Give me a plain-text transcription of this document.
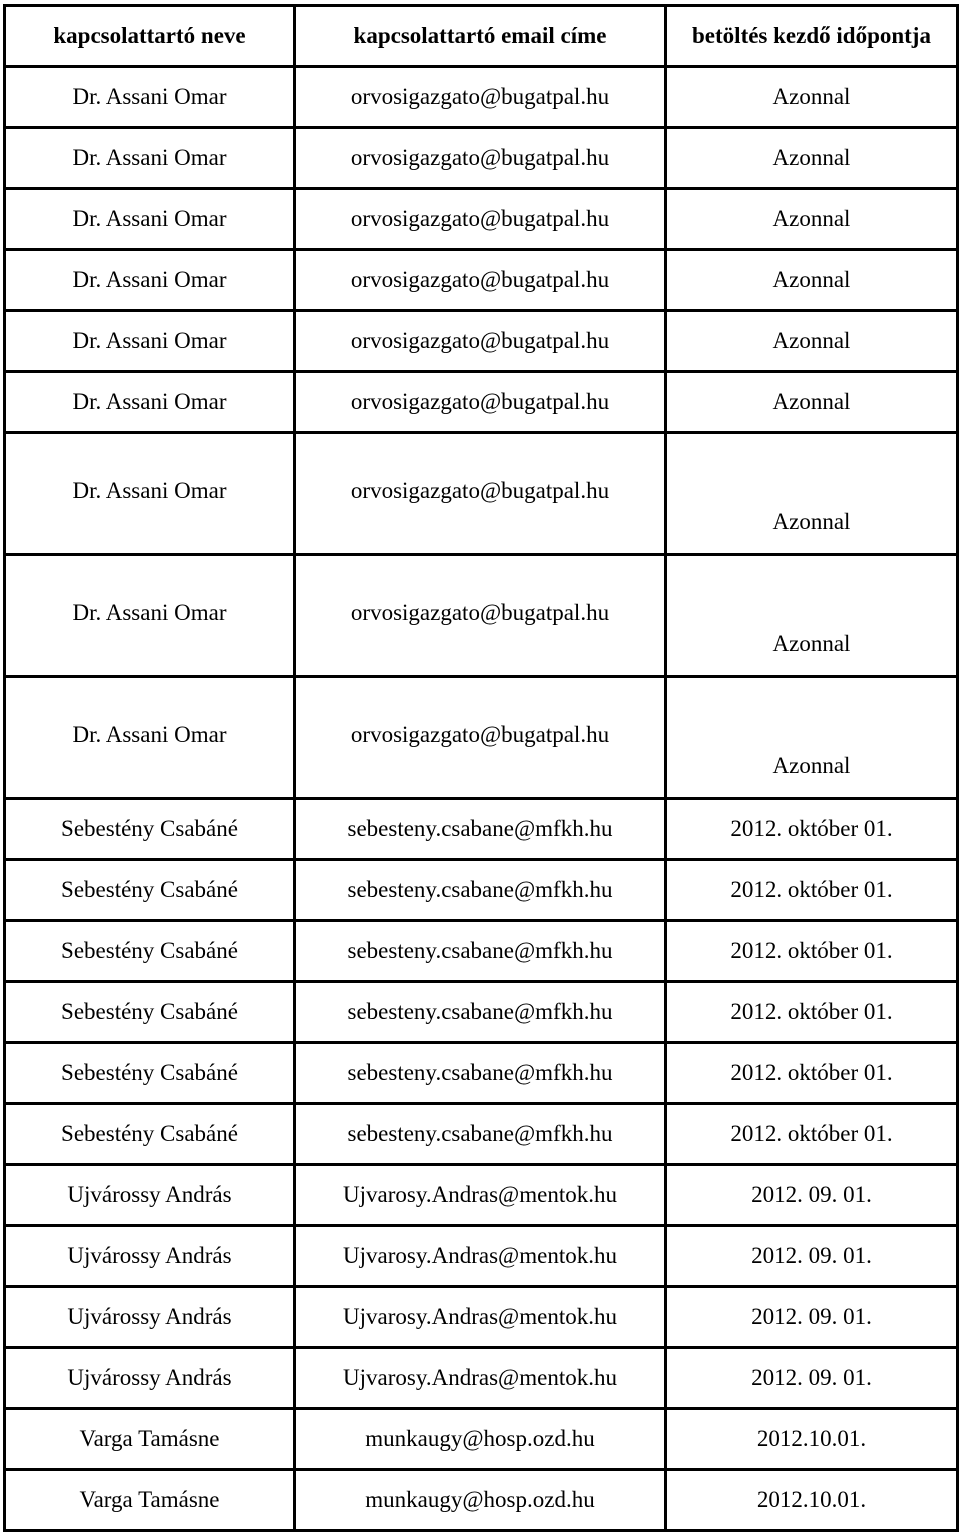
kapcsolattartó neve	kapcsolattartó email címe	betöltés kezdő időpontja
Dr. Assani Omar	orvosigazgato@bugatpal.hu	Azonnal
Dr. Assani Omar	orvosigazgato@bugatpal.hu	Azonnal
Dr. Assani Omar	orvosigazgato@bugatpal.hu	Azonnal
Dr. Assani Omar	orvosigazgato@bugatpal.hu	Azonnal
Dr. Assani Omar	orvosigazgato@bugatpal.hu	Azonnal
Dr. Assani Omar	orvosigazgato@bugatpal.hu	Azonnal

Dr. Assani Omar	orvosigazgato@bugatpal.hu	Azonnal

Dr. Assani Omar	orvosigazgato@bugatpal.hu	Azonnal

Dr. Assani Omar	orvosigazgato@bugatpal.hu	Azonnal

Sebestény Csabáné	sebesteny.csabane@mfkh.hu	2012. október 01.
Sebestény Csabáné	sebesteny.csabane@mfkh.hu	2012. október 01.
Sebestény Csabáné	sebesteny.csabane@mfkh.hu	2012. október 01.
Sebestény Csabáné	sebesteny.csabane@mfkh.hu	2012. október 01.
Sebestény Csabáné	sebesteny.csabane@mfkh.hu	2012. október 01.
Sebestény Csabáné	sebesteny.csabane@mfkh.hu	2012. október 01.
Ujvárossy András	Ujvarosy.Andras@mentok.hu	2012. 09. 01.
Ujvárossy András	Ujvarosy.Andras@mentok.hu	2012. 09. 01.
Ujvárossy András	Ujvarosy.Andras@mentok.hu	2012. 09. 01.
Ujvárossy András	Ujvarosy.Andras@mentok.hu	2012. 09. 01.
Varga Tamásne	munkaugy@hosp.ozd.hu	2012.10.01.
Varga Tamásne	munkaugy@hosp.ozd.hu	2012.10.01.
